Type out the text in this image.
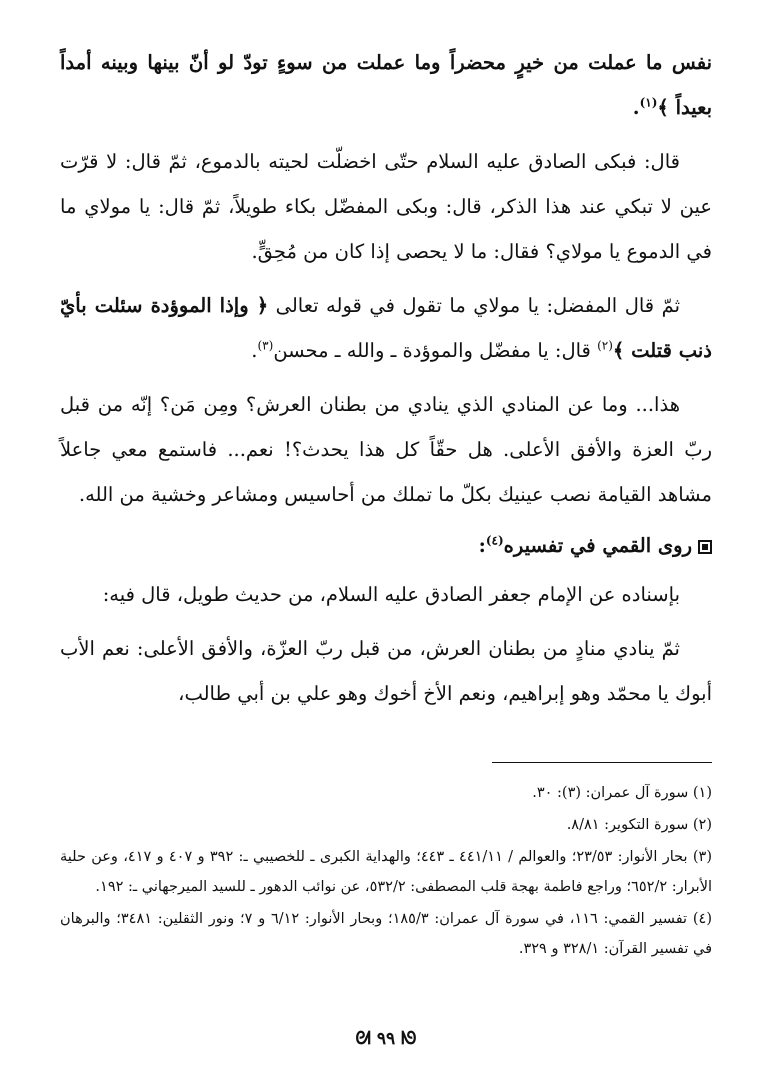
نفس ما عملت من خيرٍ محضراً وما عملت من سوءٍ تودّ لو أنّ بينها وبينه أمداً بعيداً ﴾$^{(١)}$.

قال: فبكى الصادق عليه السلام حتّى اخضلّت لحيته بالدموع، ثمّ قال: لا قرّت عين لا تبكي عند هذا الذكر، قال: وبكى المفضّل بكاء طويلاً، ثمّ قال: يا مولاي ما في الدموع يا مولاي؟ فقال: ما لا يحصى إذا كان من مُحِقٍّ.

ثمّ قال المفضل: يا مولاي ما تقول في قوله تعالى ﴿ وإذا الموؤدة سئلت بأيّ ذنب قتلت ﴾$^{(٢)}$ قال: يا مفضّل والموؤدة ـ والله ـ محسن$^{(٣)}$.

هذا... وما عن المنادي الذي ينادي من بطنان العرش؟ ومِن مَن؟ إنّه من قبل ربّ العزة والأفق الأعلى. هل حقّاً كل هذا يحدث؟! نعم... فاستمع معي جاعلاً مشاهد القيامة نصب عينيك بكلّ ما تملك من أحاسيس ومشاعر وخشية من الله.

روى القمي في تفسيره$^{(٤)}$:

بإسناده عن الإمام جعفر الصادق عليه السلام، من حديث طويل، قال فيه:

ثمّ ينادي منادٍ من بطنان العرش، من قبل ربّ العزّة، والأفق الأعلى: نعم الأب أبوك يا محمّد وهو إبراهيم، ونعم الأخ أخوك وهو علي بن أبي طالب،

(١) سورة آل عمران: (٣): ٣٠.
(٢) سورة التكوير: ٨/٨١.
(٣) بحار الأنوار: ٢٣/٥٣؛ والعوالم / ٤٤١/١١ ـ ٤٤٣؛ والهداية الكبرى ـ للخصيبي ـ: ٣٩٢ و ٤٠٧ و ٤١٧، وعن حلية الأبرار: ٦٥٢/٢؛ وراجع فاطمة بهجة قلب المصطفى: ٥٣٢/٢، عن نوائب الدهور ـ للسيد الميرجهاني ـ: ١٩٢.
(٤) تفسير القمي: ١١٦، في سورة آل عمران: ١٨٥/٣؛ وبحار الأنوار: ٦/١٢ و ٧؛ ونور الثقلين: ٣٤٨١؛ والبرهان في تفسير القرآن: ٣٢٨/١ و ٣٢٩.
ᘛ ٩٩ ᘚ
